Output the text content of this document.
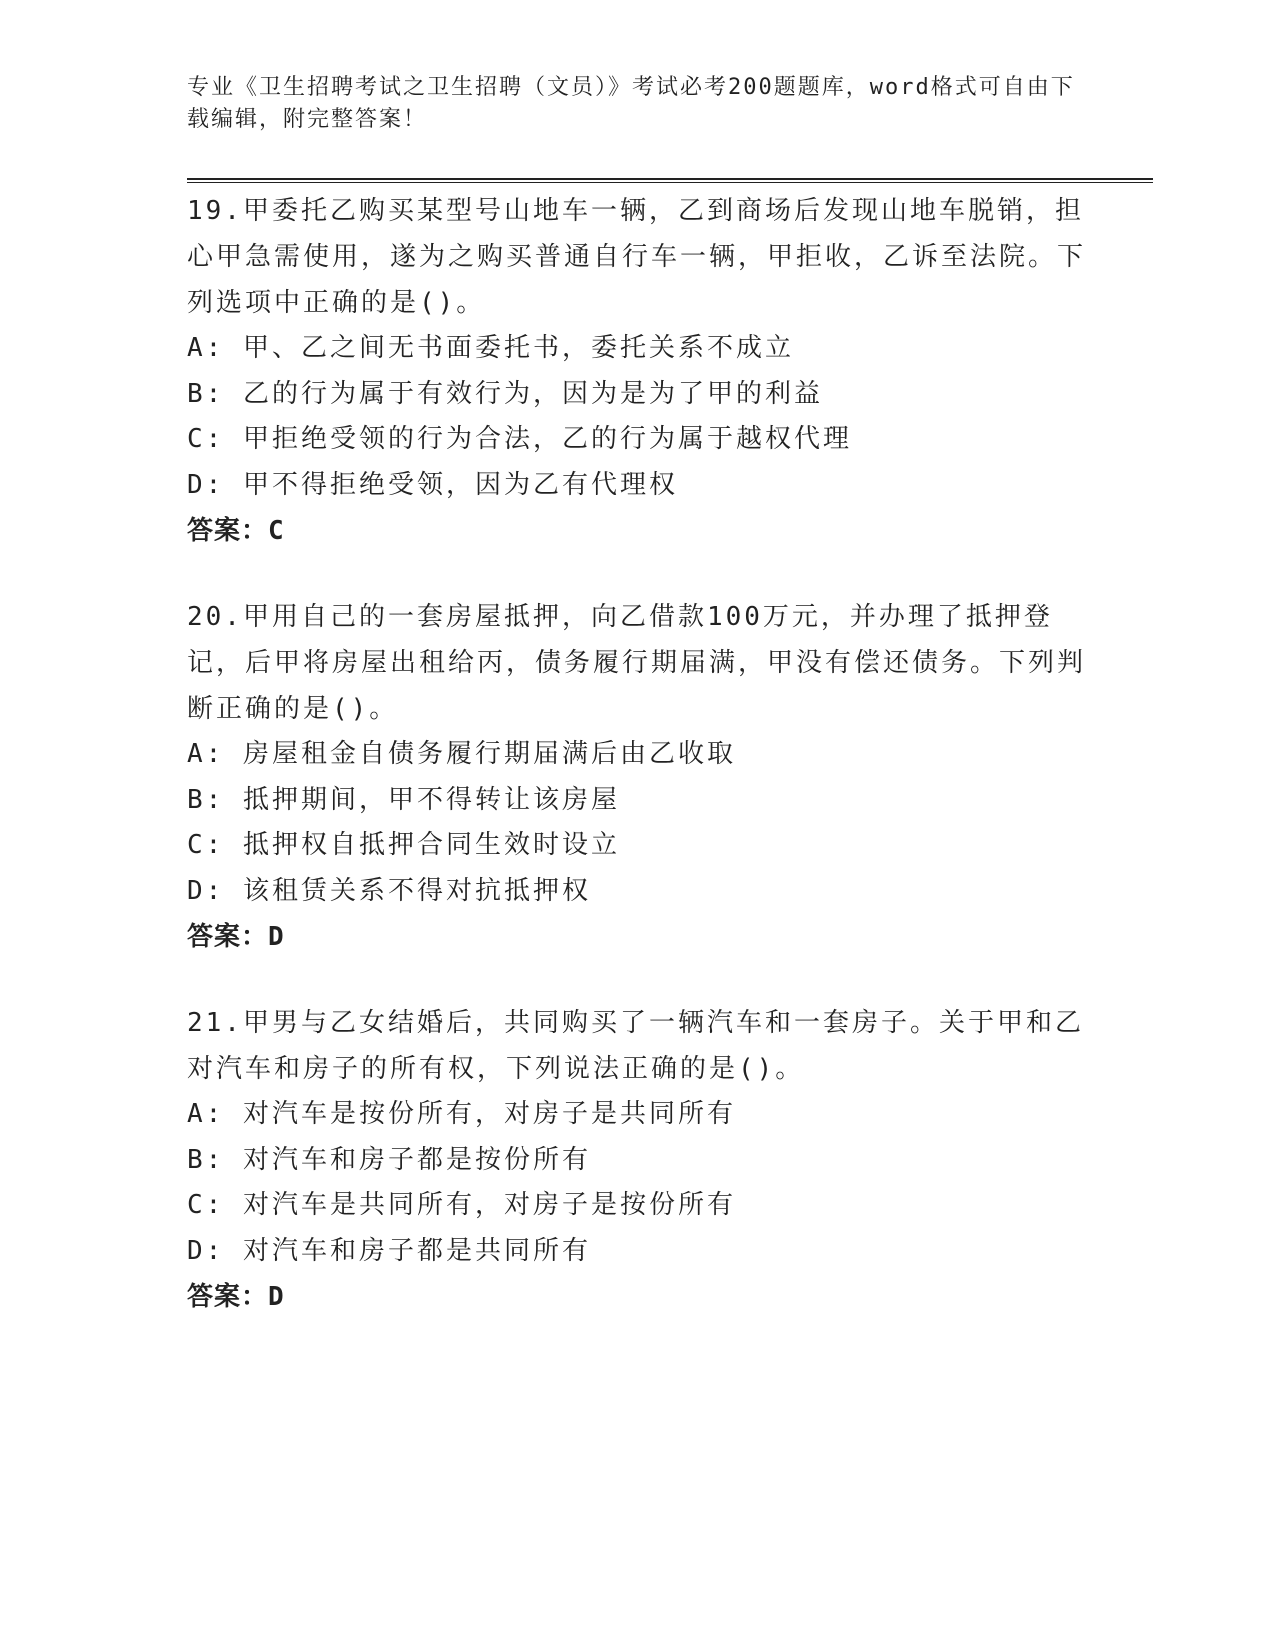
专业《卫生招聘考试之卫生招聘（文员）》考试必考200题题库，word格式可自由下载编辑，附完整答案！
19.甲委托乙购买某型号山地车一辆，乙到商场后发现山地车脱销，担心甲急需使用，遂为之购买普通自行车一辆，甲拒收，乙诉至法院。下列选项中正确的是()。
A: 甲、乙之间无书面委托书，委托关系不成立
B: 乙的行为属于有效行为，因为是为了甲的利益
C: 甲拒绝受领的行为合法，乙的行为属于越权代理
D: 甲不得拒绝受领，因为乙有代理权
答案：C
20.甲用自己的一套房屋抵押，向乙借款100万元，并办理了抵押登记，后甲将房屋出租给丙，债务履行期届满，甲没有偿还债务。下列判断正确的是()。
A: 房屋租金自债务履行期届满后由乙收取
B: 抵押期间，甲不得转让该房屋
C: 抵押权自抵押合同生效时设立
D: 该租赁关系不得对抗抵押权
答案：D
21.甲男与乙女结婚后，共同购买了一辆汽车和一套房子。关于甲和乙对汽车和房子的所有权，下列说法正确的是()。
A: 对汽车是按份所有，对房子是共同所有
B: 对汽车和房子都是按份所有
C: 对汽车是共同所有，对房子是按份所有
D: 对汽车和房子都是共同所有
答案：D
